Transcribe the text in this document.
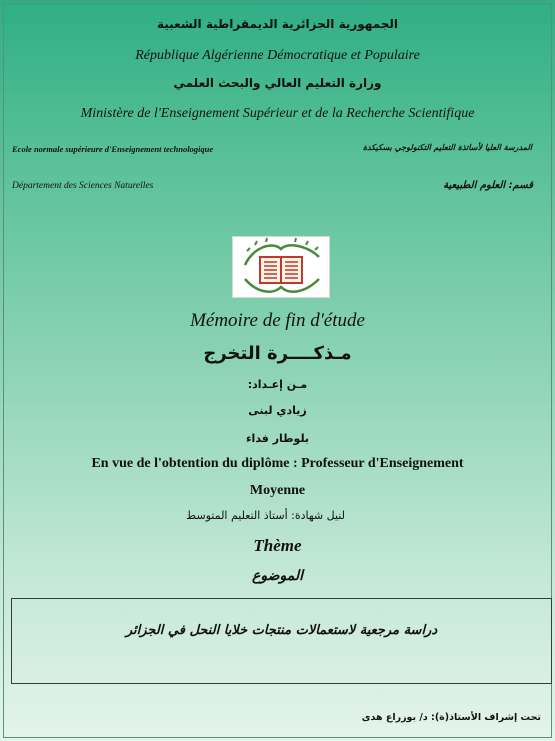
الجمهورية الجزائرية الديمقراطية الشعبية
République Algérienne Démocratique et Populaire
وزارة التعليم العالي والبحث العلمي
Ministère de l'Enseignement Supérieur et de la Recherche Scientifique
Ecole normale supérieure d'Enseignement technologique	المدرسة العليا لأساتذة التعليم التكنولوجي بسكيكدة
Département des Sciences Naturelles	قسم: العلوم الطبيعية
Mémoire de fin d'étude
مـذكــــرة التخرج
مـن إعـداد:
زيادي لبنى
بلوطار فداء
En vue de l'obtention du diplôme : Professeur d'Enseignement
Moyenne
لنيل شهادة: أستاذ التعليم المتوسط
Thème
الموضوع
دراسة مرجعية لاستعمالات منتجات خلايا النحل في الجزائر
تحت إشراف الأستاذ(ة): د/ بوزراع هدى
